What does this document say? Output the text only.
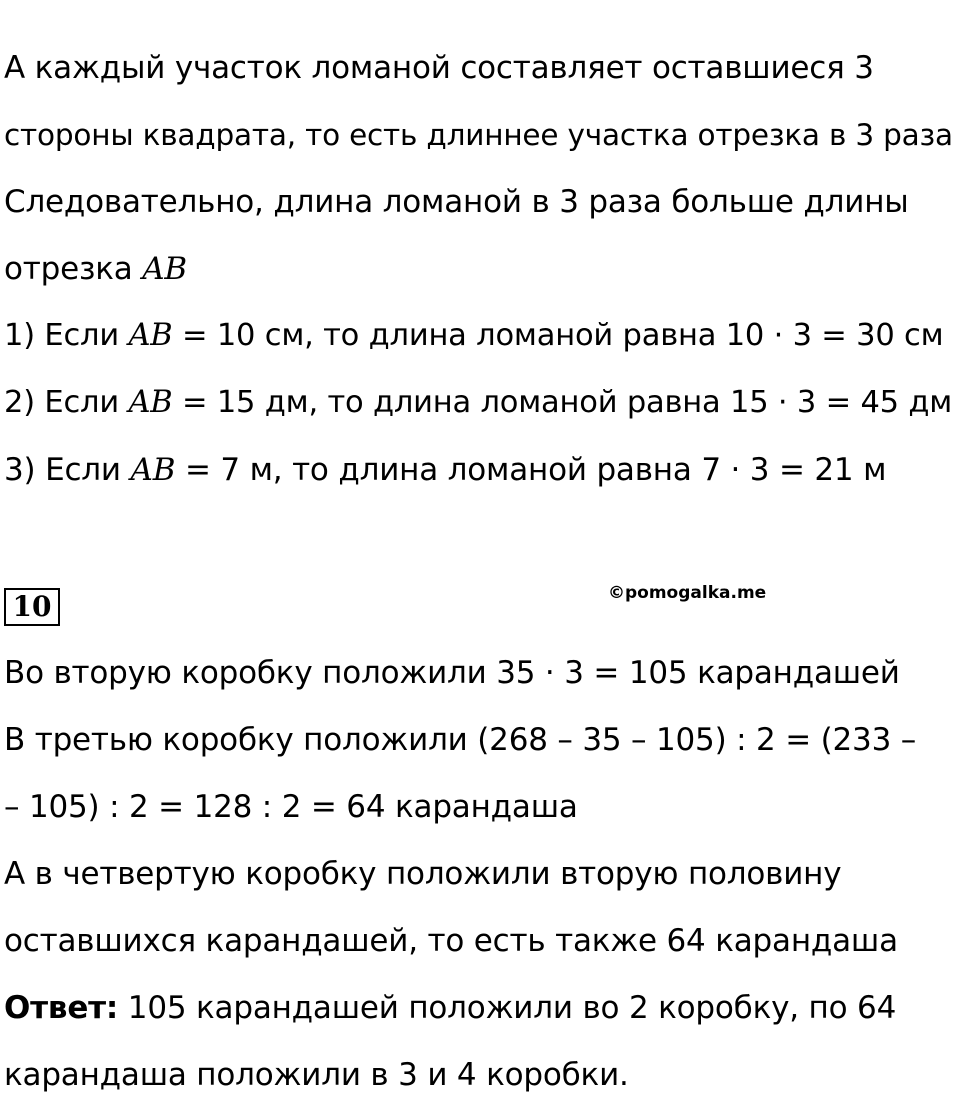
А каждый участок ломаной составляет оставшиеся 3
стороны квадрата, то есть длиннее участка отрезка в 3 раза
Следовательно, длина ломаной в 3 раза больше длины
отрезка AB
1) Если AB = 10 см, то длина ломаной равна 10 · 3 = 30 см
2) Если AB = 15 дм, то длина ломаной равна 15 · 3 = 45 дм
3) Если AB = 7 м, то длина ломаной равна 7 · 3 = 21 м
10	©pomogalka.me
Во вторую коробку положили 35 · 3 = 105 карандашей
В третью коробку положили (268 – 35 – 105) : 2 = (233 –
– 105) : 2 = 128 : 2 = 64 карандаша
А в четвертую коробку положили вторую половину
оставшихся карандашей, то есть также 64 карандаша
Ответ: 105 карандашей положили во 2 коробку, по 64
карандаша положили в 3 и 4 коробки.
